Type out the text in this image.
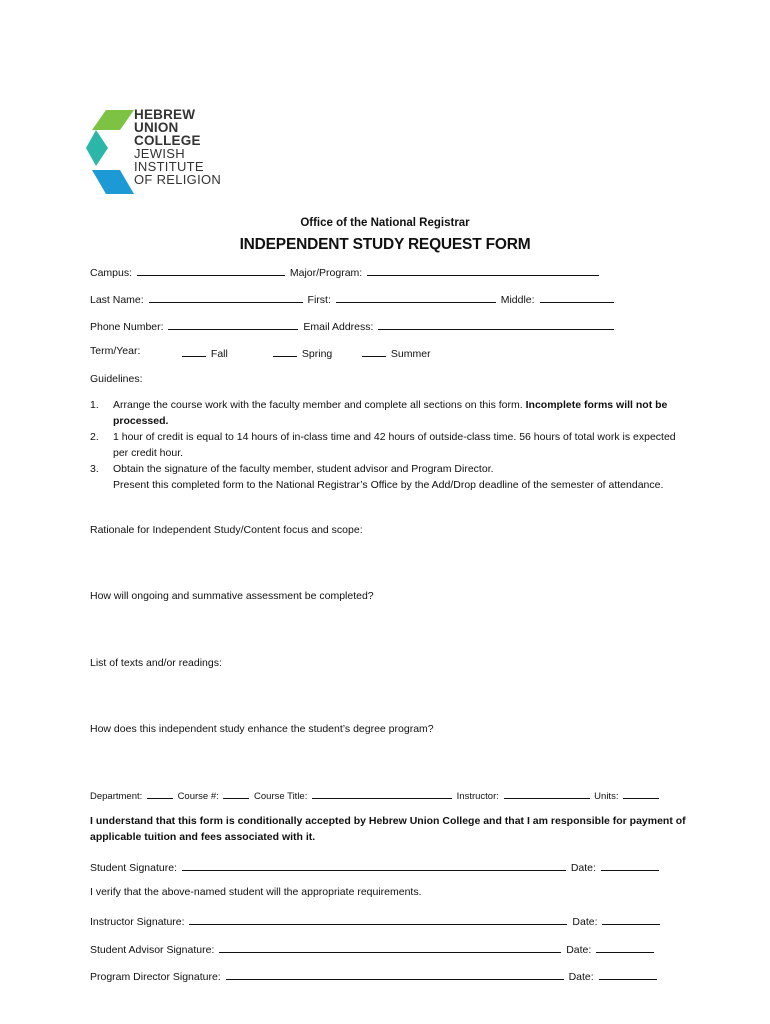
HEBREW
UNION
COLLEGE
JEWISH
INSTITUTE
OF RELIGION
Office of the National Registrar
INDEPENDENT STUDY REQUEST FORM
Campus:	Major/Program:
Last Name:	First:	Middle:
Phone Number:	Email Address:
Term/Year:	Fall	Spring	Summer
Guidelines:
1. Arrange the course work with the faculty member and complete all sections on this form. Incomplete forms will not be processed.
2. 1 hour of credit is equal to 14 hours of in-class time and 42 hours of outside-class time. 56 hours of total work is expected per credit hour.
3. Obtain the signature of the faculty member, student advisor and Program Director.
Present this completed form to the National Registrar’s Office by the Add/Drop deadline of the semester of attendance.
Rationale for Independent Study/Content focus and scope:
How will ongoing and summative assessment be completed?
List of texts and/or readings:
How does this independent study enhance the student’s degree program?
Department:	Course #:	Course Title:	Instructor:	Units:
I understand that this form is conditionally accepted by Hebrew Union College and that I am responsible for payment of applicable tuition and fees associated with it.
Student Signature:	Date:
I verify that the above-named student will the appropriate requirements.
Instructor Signature:	Date:
Student Advisor Signature:	Date:
Program Director Signature:	Date:
